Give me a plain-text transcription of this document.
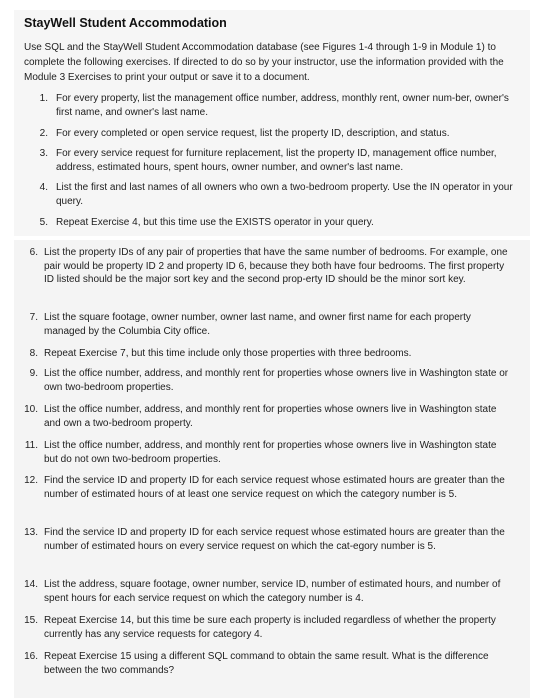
StayWell Student Accommodation

Use SQL and the StayWell Student Accommodation database (see Figures 1-4 through 1-9 in Module 1) to complete the following exercises. If directed to do so by your instructor, use the information provided with the Module 3 Exercises to print your output or save it to a document.

1. For every property, list the management office number, address, monthly rent, owner num-ber, owner's first name, and owner's last name.
2. For every completed or open service request, list the property ID, description, and status.
3. For every service request for furniture replacement, list the property ID, management office number, address, estimated hours, spent hours, owner number, and owner's last name.
4. List the first and last names of all owners who own a two-bedroom property. Use the IN operator in your query.
5. Repeat Exercise 4, but this time use the EXISTS operator in your query.
6. List the property IDs of any pair of properties that have the same number of bedrooms. For example, one pair would be property ID 2 and property ID 6, because they both have four bedrooms. The first property ID listed should be the major sort key and the second prop-erty ID should be the minor sort key.
7. List the square footage, owner number, owner last name, and owner first name for each property managed by the Columbia City office.
8. Repeat Exercise 7, but this time include only those properties with three bedrooms.
9. List the office number, address, and monthly rent for properties whose owners live in Washington state or own two-bedroom properties.
10. List the office number, address, and monthly rent for properties whose owners live in Washington state and own a two-bedroom property.
11. List the office number, address, and monthly rent for properties whose owners live in Washington state but do not own two-bedroom properties.
12. Find the service ID and property ID for each service request whose estimated hours are greater than the number of estimated hours of at least one service request on which the category number is 5.
13. Find the service ID and property ID for each service request whose estimated hours are greater than the number of estimated hours on every service request on which the cat-egory number is 5.
14. List the address, square footage, owner number, service ID, number of estimated hours, and number of spent hours for each service request on which the category number is 4.
15. Repeat Exercise 14, but this time be sure each property is included regardless of whether the property currently has any service requests for category 4.
16. Repeat Exercise 15 using a different SQL command to obtain the same result. What is the difference between the two commands?
